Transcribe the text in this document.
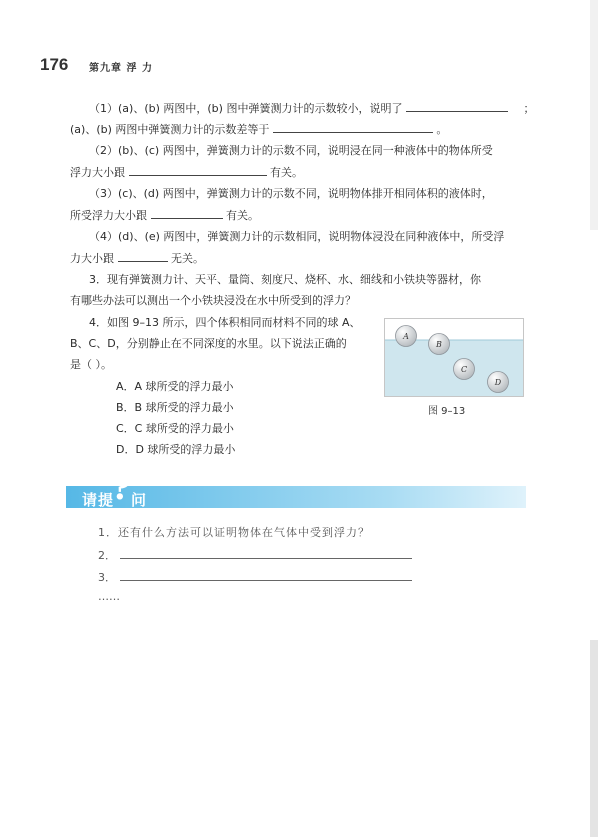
176 第九章 浮 力
（1）(a)、(b) 两图中，(b) 图中弹簧测力计的示数较小，说明了	；
(a)、(b) 两图中弹簧测力计的示数差等于	。
（2）(b)、(c) 两图中，弹簧测力计的示数不同，说明浸在同一种液体中的物体所受
浮力大小跟	有关。
（3）(c)、(d) 两图中，弹簧测力计的示数不同，说明物体排开相同体积的液体时，
所受浮力大小跟	有关。
（4）(d)、(e) 两图中，弹簧测力计的示数相同，说明物体浸没在同种液体中，所受浮
力大小跟	无关。
3．现有弹簧测力计、天平、量筒、刻度尺、烧杯、水、细线和小铁块等器材，你
有哪些办法可以测出一个小铁块浸没在水中所受到的浮力？
4．如图 9–13 所示，四个体积相同而材料不同的球 A、
B、C、D，分别静止在不同深度的水里。以下说法正确的
是（ ）。
A．A 球所受的浮力最小
B．B 球所受的浮力最小
C．C 球所受的浮力最小
D．D 球所受的浮力最小
A
B
C
D
图 9–13
请提
? 问
1．还有什么方法可以证明物体在气体中受到浮力？
2．
3．
……
